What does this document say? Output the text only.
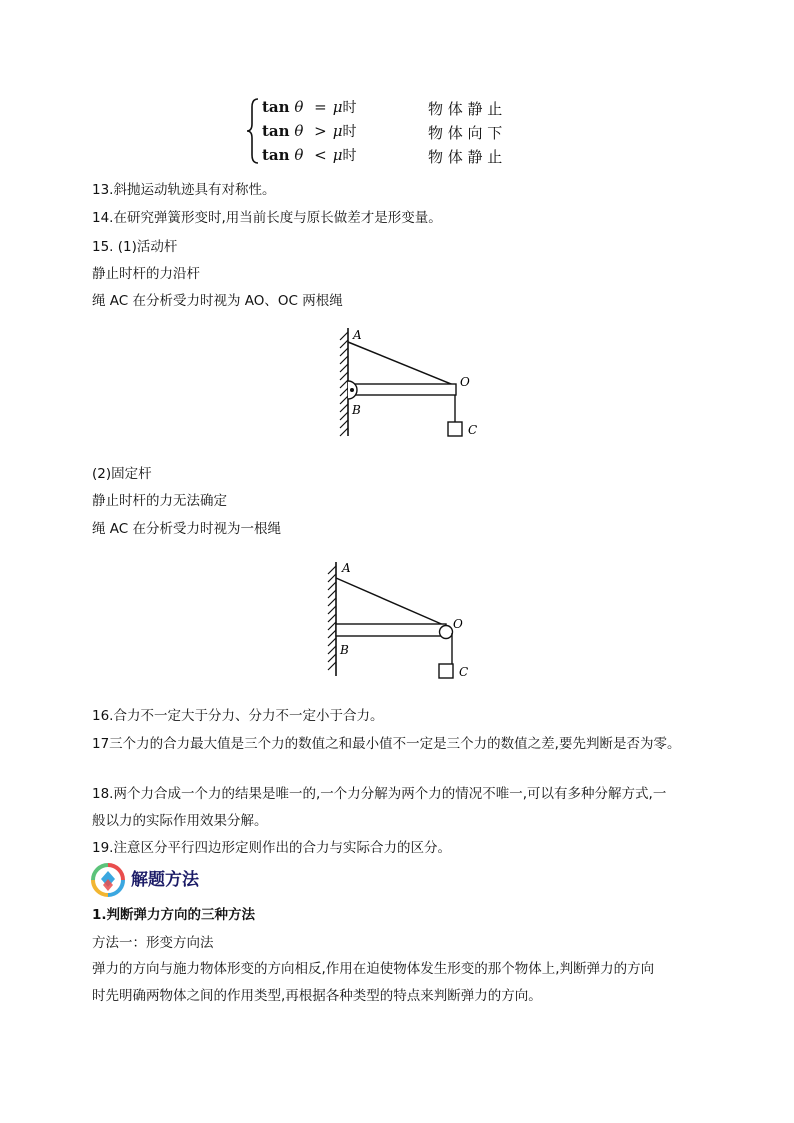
tan θ = μ时	物 体 静 止
tan θ > μ时	物 体 向 下
tan θ < μ时	物 体 静 止
13.斜抛运动轨迹具有对称性。
14.在研究弹簧形变时,用当前长度与原长做差才是形变量。
15. (1)活动杆
静止时杆的力沿杆
绳 AC 在分析受力时视为 AO、OC 两根绳
A
O
B
C
(2)固定杆
静止时杆的力无法确定
绳 AC 在分析受力时视为一根绳
A
O
B
C
16.合力不一定大于分力、分力不一定小于合力。
17三个力的合力最大值是三个力的数值之和最小值不一定是三个力的数值之差,要先判断是否为零。
18.两个力合成一个力的结果是唯一的,一个力分解为两个力的情况不唯一,可以有多种分解方式,一
般以力的实际作用效果分解。
19.注意区分平行四边形定则作出的合力与实际合力的区分。
解题方法
1.判断弹力方向的三种方法
方法一：形变方向法
弹力的方向与施力物体形变的方向相反,作用在迫使物体发生形变的那个物体上,判断弹力的方向
时先明确两物体之间的作用类型,再根据各种类型的特点来判断弹力的方向。
